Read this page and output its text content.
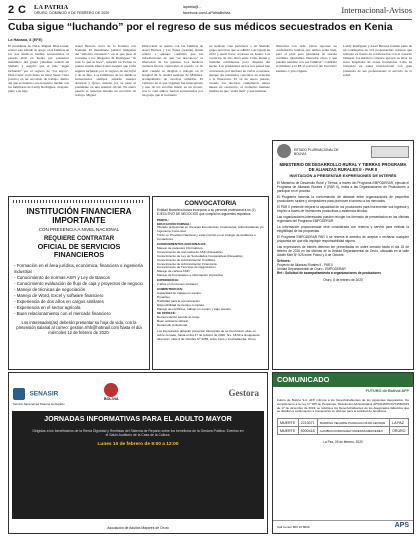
2 C LA PATRIA
ORURO, DOMINGO 9 DE FEBRERO DE 2020
lapatria@...
facebook.com/LaPatriaBolivia	Internacional-Avisos
Cuba sigue “luchando” por el regreso de sus médicos secuestrados en Kenia
La Habana, 8 (EFE)
El presidente de Cuba, Miguel Díaz-Canel, reiteró este sábado su apoyo a las familias de los dos médicos isleños secuestrados el pasado abril en Kenia por presuntos miembros del grupo yihadista somalí Al Shabab, y aseguró que el país “sigue luchando” por el regreso de “los suyos”. Díaz-Canel viajó hasta su natal Santa Clara (centro) en un recorrido de trabajo, dentro del que se mantuvo un encuentro inédito con los familiares de Landy Rodríguez, cirujano, junto a su hijo,
Assel Herrera cerca de la frontera con Somalia. El mandatario publicó imágenes del “emotivo encuentro”, en el que puso al corriente a los allegados de Rodríguez “de todo lo que se hace”, informó en Twitter la prensa estatal. Díaz-Canel aseguró que Cuba seguirá luchando por el regreso de sus hijos y de su hijo. Los familiares de los médicos secuestrados siempre tendrán nuestra atención y apoyo, insistió por su parte el presidente en una reunión oficial. En enero pasado se tuvieron durante un recorrido de trabajo. Miguel
Díaz-Canel se reunió con las familias de Assel Herrera y Las Tunas (oriente) donde reiteró a quienes confirmó que las informaciones de que “se desconoce” la liberación de los galenos. Los médicos cubanos fueron capturados el pasado 12 de abril cuando se dirigían a trabajar en el hospital de la ciudad keniana de Mandera, acompañados de escoltas armados. El vehículo en el que viajaban fue interceptado y uno de los escoltas murió en un tiroteo, tras lo cual ambos fueron secuestrados por un grupo que el Gobierno
no keniano cree pertenece a Al Shabab, grupo terrorista que se adhirió a Al Qaeda en 2012 y suele hacer acciones en Kenia. Los contactos de alto nivel entre Cuba, Kenia y Somalia continuaron poco después del hecho. Los presidentes de los tres países han conversado por teléfono en varias ocasiones, aunque sin resultados concretos en relación a la liberación. El 12 de enero pasado, cuando los doctores cumplieron nueve meses en cautiverio, el Gobierno keniano insistió en que “están bien” y que intentan
liberarlos con vida. Otros reportes no confirmados indican que ambos estén bien, pero el plan para garantizar su rescate continúa. Quedamos liberarlos vivos y que puedan reunirse con sus familias”, confirmó el ministro a la PE el portavoz del Ejecutivo keniano, Cyrus Oguna.
Landy Rodríguez y Assel Herrera forman parte de un contingente de 101 profesionales cubanos que trabajan en Kenia en colaboración con el acuerdo bilateral, los médicos cubanos ejercen su labor en estos hospitales de zonas fronterizas. Cuba ha trabajado en salud internacional con gran presencia de sus profesionales al servicio de la salud.
INSTITUCIÓN FINANCIERA IMPORTANTE
CON PRESENCIA A NIVEL NACIONAL
REQUIERE CONTRATAR
OFICIAL DE SERVICIOS FINANCIEROS
- Formación en el área jurídica, económica, financiera o ingeniería industrial
- Conocimiento de normas ASFI y Ley de Bancos
- Conocimiento evaluación de flujo de caja y proyectos de negocio
- Manejo de técnicas de negociación
- Manejo de Word, Excel y software financiero
- Experiencia de dos años en cargos similares
- Experiencia en el sector agrícola
- Buen relacionamiento con el mercado financiero
Los interesados(as) deberán presentar su hoja de vida, con la pretensión salarial al correo: gestion.rrhh@hotmail.com hasta el día miércoles 12 de febrero de 2020.
CONVOCATORIA
Entidad financiera busca incorporar a su personal profesional a un (1) EJECUTIVO DE NEGOCIOS que cumpla los siguientes requisitos:
PERFIL:
EDUCACIÓN FORMAL:
Titulado profesional en Ciencias Económicas, Financieras, Administrativas y/o Ingeniería Comercial.
Título en Provisión Nacional y estar inscrito en el Colegio de Auditores o Contadores.
CONOCIMIENTOS ADICIONALES:
Manejo de paquetes informáticos.
Conocimiento de normativa de ASFI (Deseable).
Conocimiento de Ley de Sociedades Cooperativas (Deseable).
Conocimiento de Administración Crediticia.
Conocimiento de Administración Financiera.
Conocimiento de Técnicas de Negociación.
Manejo de cartera ASFI.
Manejo de Formularios e información impositiva.
EXPERIENCIA:
2 años en funciones similares.
COMPETENCIAS:
Capacidad de trabajo en equipo.
Proactivo.
Habilidad para la comunicación.
Disponibilidad de tiempo completo.
Manejo de conflictos, trabajo en equipo y bajo presión.
SE OFRECE:
Remuneración acorde al cargo.
Buen ambiente laboral.
Desarrollo profesional.
Los interesados deberán presentar fotocopias de su Currículum vitae en sobre cerrado, hasta el día 17 de febrero de 2020, hrs. 18:00 a la siguiente dirección: calle 6 de Octubre Nº 4265, entre Caro y Cochabamba, Oruro.
ESTADO PLURINACIONAL DE BOLIVIA
MINISTERIO DE DESARROLLO RURAL Y TIERRAS PROGRAMA DE ALIANZAS RURALES II - PAR II
INVITACIÓN A PRESENTAR EXPRESIONES DE INTERÉS

El Ministerio de Desarrollo Rural y Tierras, a través del Programa EMPODERAR, ejecuta el Programa de Alianzas Rurales II (PAR II), invita a las Organizaciones de Productores a participar en el proceso.

El Programa fomenta la conformación de alianzas entre organizaciones de pequeños productores rurales y compradores para promover el acceso a los mercados.

El PAR II pretende mejorar la capacidad de los productores para incrementar sus ingresos y empleo a través de inversiones productivas y asistencia técnica.

Las organizaciones interesadas pueden recoger los formatos de presentación en las oficinas regionales del Programa EMPODERAR.

La información proporcionada será considerada con reserva y servirá para evaluar la elegibilidad de las propuestas.

El Programa EMPODERAR PAR II se reserva el derecho de aceptar o rechazar cualquier propuesta sin que ello implique responsabilidad alguna.

Las expresiones de interés deberán ser presentadas en sobre cerrado hasta el día 18 de febrero de 2020 en las oficinas de la Unidad Departamental de Oruro, ubicadas en la calle Adolfo Mier Nº 525 entre Potosí y 6 de Octubre.

Señores:
Proyecto de Alianzas Rurales II - PAR II
Unidad Departamental de Oruro - EMPODERAR
Ref.: Solicitud de acompañamiento a organizaciones de productores
Oruro, 8 de febrero de 2020
SENASIR
Servicio Nacional del Sistema de Reparto
BOLIVIA
Gestora
JORNADAS INFORMATIVAS PARA EL ADULTO MAYOR
Dirigidas a los beneficiarios de la Renta Dignidad y Rentistas del Sistema de Reparto sobre los beneficios de la Gestora Pública. Eventos en el Salón Auditorio de la Casa de la Cultura.
Lunes 10 de febrero de 9:00 a 12:00
Asociación de Adultos Mayores de Oruro
COMUNICADO
FUTURO de Bolivia AFP
Futuro de Bolivia S.A. AFP informa a los Derechohabientes de los siguientes Asegurados. De cumplimiento a la Ley N° 065 de Pensiones, Resolución Administrativa APS/DJ/DPC/N°1158/2019 de 17 de diciembre de 2019, se solicita a los Derechohabientes de los Asegurados fallecidos que se detallan a continuación a presentarse en oficinas para la solicitud de beneficios.
MUERTE	2213071	BARRIGA VELARDE PANIAGUA DILMA LEONOR	LA PAZ
MUERTE	4000418	GAMBOA RODRIGUEZ NADESDA MERCEDES	ORURO
La Paz, 09 de febrero, 2020
Call Center 800 10 8006	APS
